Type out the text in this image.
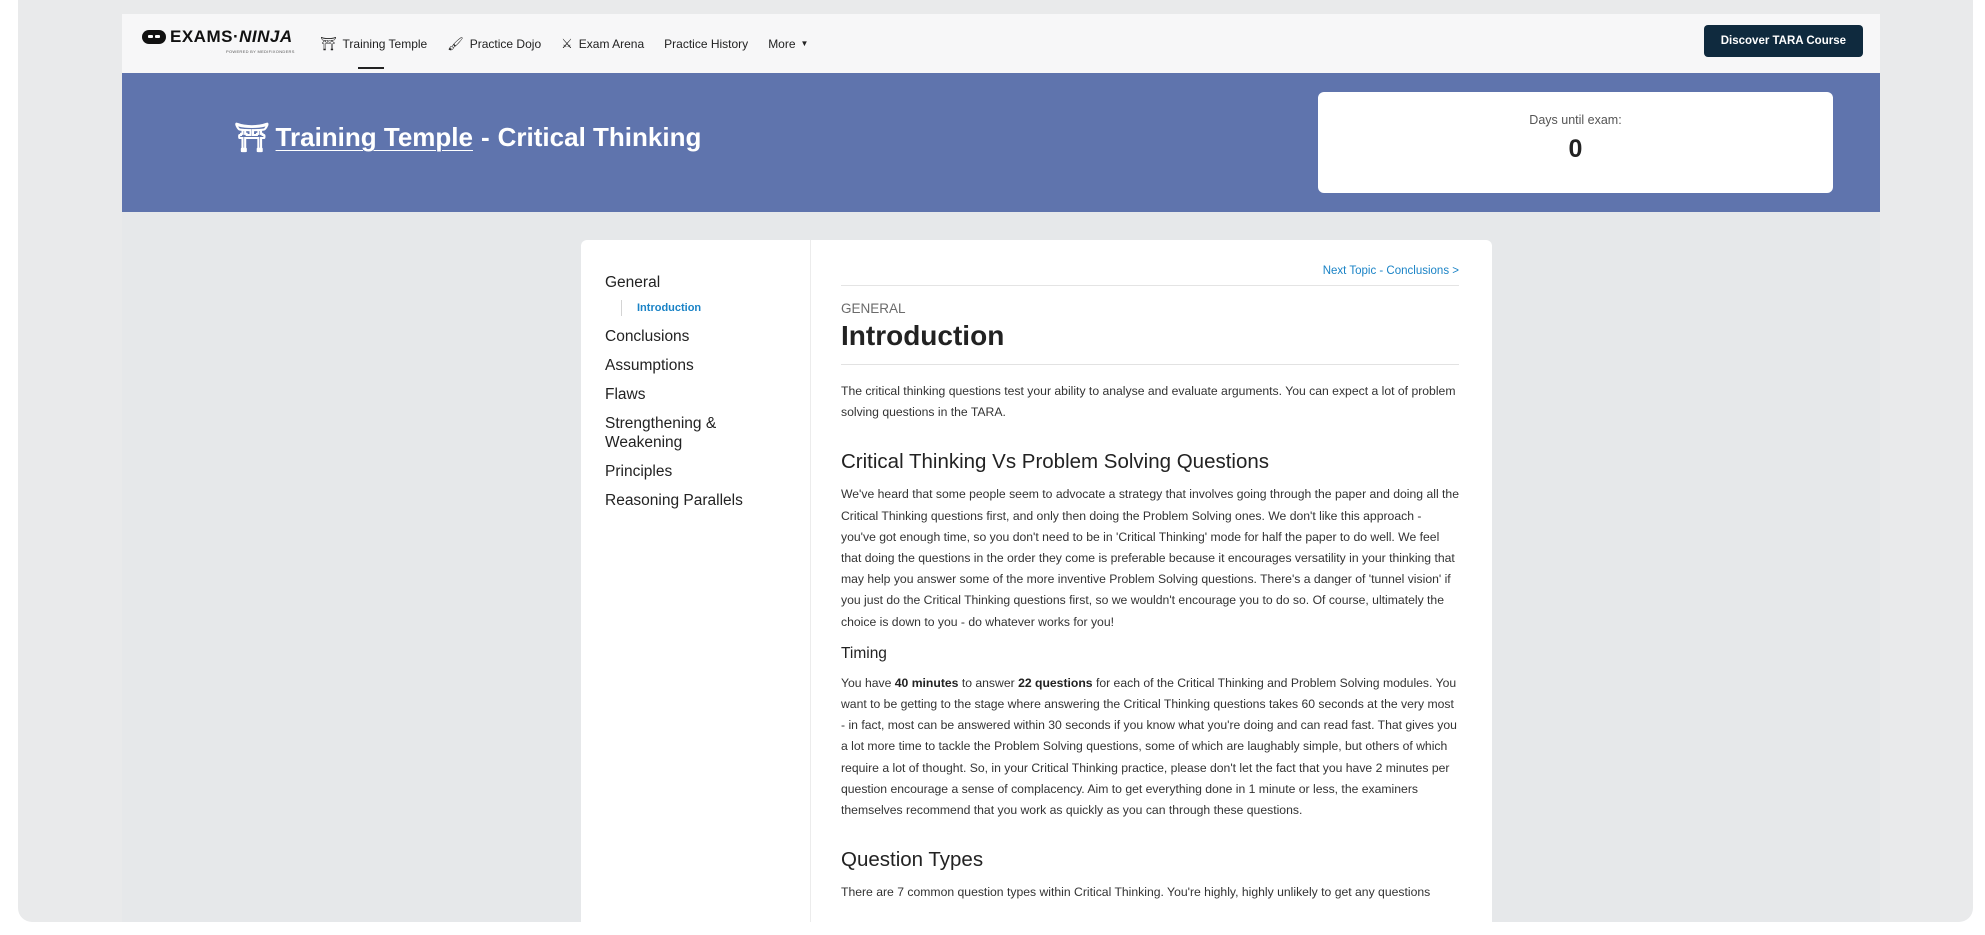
EXAMS·NINJA
POWERED BY MEDIFIXONDERS
⛩ Training Temple 🖌 Practice Dojo ⚔ Exam Arena Practice History More ▼	Discover TARA Course
⛩ Training Temple - Critical Thinking
Days until exam:
0
General
Introduction
Conclusions
Assumptions
Flaws
Strengthening & Weakening
Principles
Reasoning Parallels
Next Topic - Conclusions >
GENERAL
Introduction

The critical thinking questions test your ability to analyse and evaluate arguments. You can expect a lot of problem solving questions in the TARA.

Critical Thinking Vs Problem Solving Questions

We've heard that some people seem to advocate a strategy that involves going through the paper and doing all the Critical Thinking questions first, and only then doing the Problem Solving ones. We don't like this approach - you've got enough time, so you don't need to be in 'Critical Thinking' mode for half the paper to do well. We feel that doing the questions in the order they come is preferable because it encourages versatility in your thinking that may help you answer some of the more inventive Problem Solving questions. There's a danger of 'tunnel vision' if you just do the Critical Thinking questions first, so we wouldn't encourage you to do so. Of course, ultimately the choice is down to you - do whatever works for you!

Timing

You have 40 minutes to answer 22 questions for each of the Critical Thinking and Problem Solving modules. You want to be getting to the stage where answering the Critical Thinking questions takes 60 seconds at the very most - in fact, most can be answered within 30 seconds if you know what you're doing and can read fast. That gives you a lot more time to tackle the Problem Solving questions, some of which are laughably simple, but others of which require a lot of thought. So, in your Critical Thinking practice, please don't let the fact that you have 2 minutes per question encourage a sense of complacency. Aim to get everything done in 1 minute or less, the examiners themselves recommend that you work as quickly as you can through these questions.

Question Types

There are 7 common question types within Critical Thinking. You're highly, highly unlikely to get any questions
